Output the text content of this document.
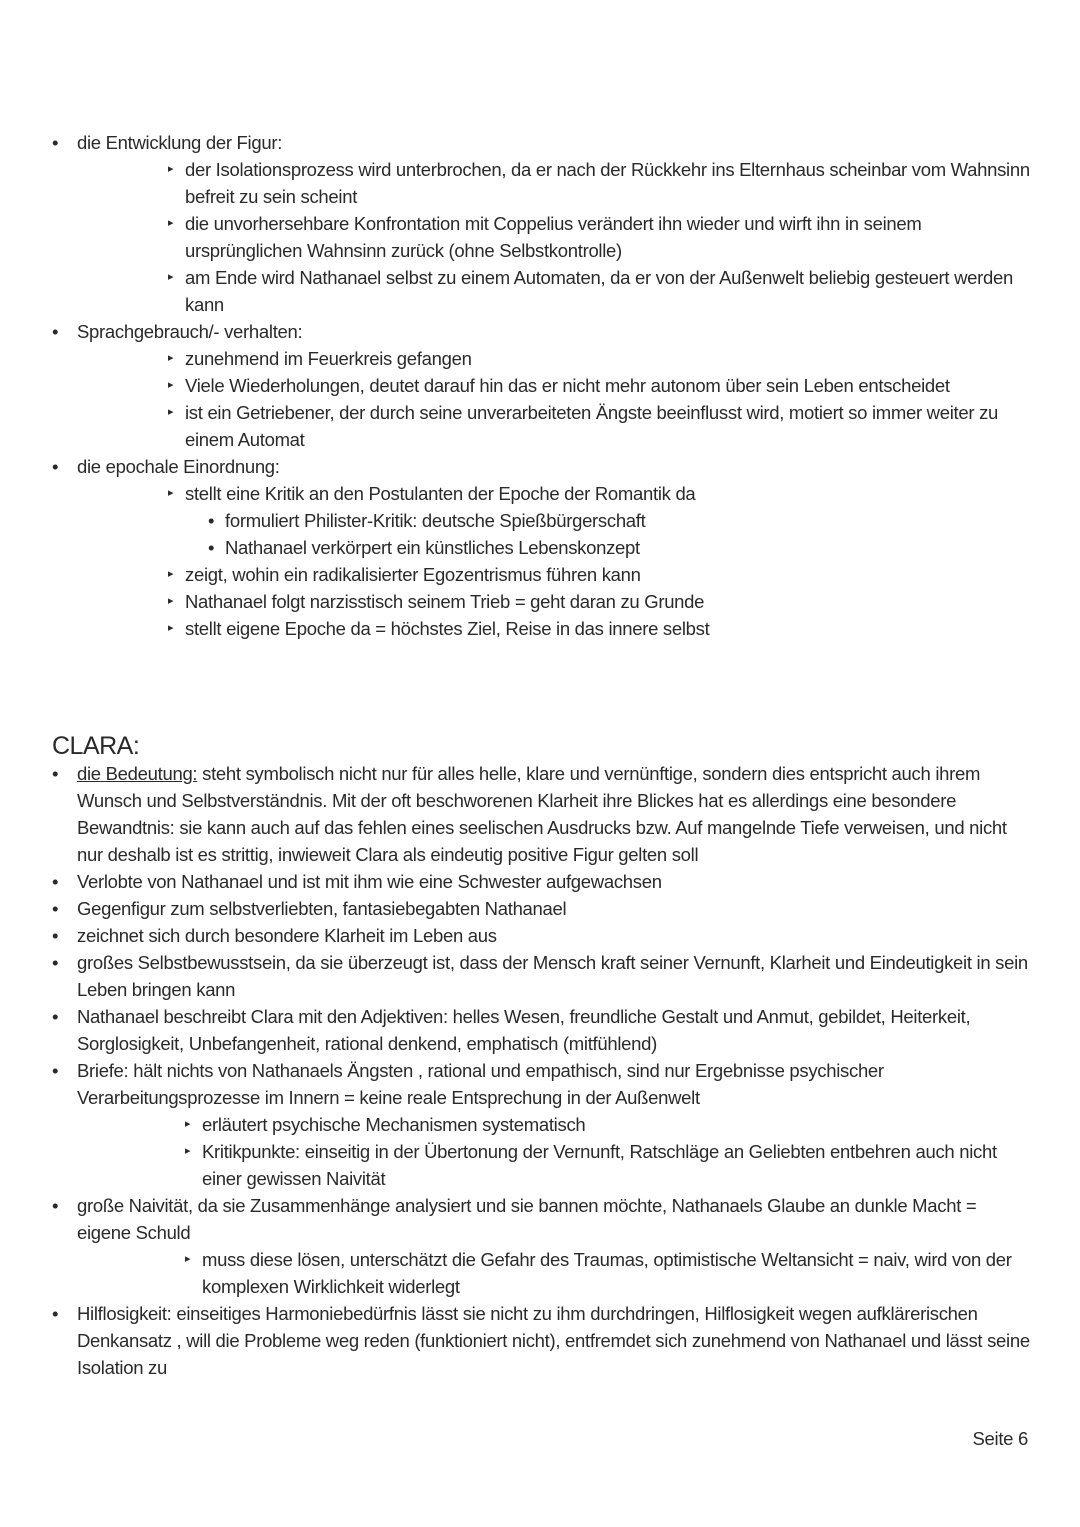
• die Entwicklung der Figur:
▸ der Isolationsprozess wird unterbrochen, da er nach der Rückkehr ins Elternhaus scheinbar vom Wahnsinn befreit zu sein scheint
▸ die unvorhersehbare Konfrontation mit Coppelius verändert ihn wieder und wirft ihn in seinem ursprünglichen Wahnsinn zurück (ohne Selbstkontrolle)
▸ am Ende wird Nathanael selbst zu einem Automaten, da er von der Außenwelt beliebig gesteuert werden kann
• Sprachgebrauch/- verhalten:
▸ zunehmend im Feuerkreis gefangen
▸ Viele Wiederholungen, deutet darauf hin das er nicht mehr autonom über sein Leben entscheidet
▸ ist ein Getriebener, der durch seine unverarbeiteten Ängste beeinflusst wird, motiert so immer weiter zu einem Automat
• die epochale Einordnung:
▸ stellt eine Kritik an den Postulanten der Epoche der Romantik da
• formuliert Philister-Kritik: deutsche Spießbürgerschaft
• Nathanael verkörpert ein künstliches Lebenskonzept
▸ zeigt, wohin ein radikalisierter Egozentrismus führen kann
▸ Nathanael folgt narzisstisch seinem Trieb = geht daran zu Grunde
▸ stellt eigene Epoche da = höchstes Ziel, Reise in das innere selbst
CLARA:
• die Bedeutung: steht symbolisch nicht nur für alles helle, klare und vernünftige, sondern dies entspricht auch ihrem Wunsch und Selbstverständnis. Mit der oft beschworenen Klarheit ihre Blickes hat es allerdings eine besondere Bewandtnis: sie kann auch auf das fehlen eines seelischen Ausdrucks bzw. Auf mangelnde Tiefe verweisen, und nicht nur deshalb ist es strittig, inwieweit Clara als eindeutig positive Figur gelten soll
• Verlobte von Nathanael und ist mit ihm wie eine Schwester aufgewachsen
• Gegenfigur zum selbstverliebten, fantasiebegabten Nathanael
• zeichnet sich durch besondere Klarheit im Leben aus
• großes Selbstbewusstsein, da sie überzeugt ist, dass der Mensch kraft seiner Vernunft, Klarheit und Eindeutigkeit in sein Leben bringen kann
• Nathanael beschreibt Clara mit den Adjektiven: helles Wesen, freundliche Gestalt und Anmut, gebildet, Heiterkeit, Sorglosigkeit, Unbefangenheit, rational denkend, emphatisch (mitfühlend)
• Briefe: hält nichts von Nathanaels Ängsten , rational und empathisch, sind nur Ergebnisse psychischer Verarbeitungsprozesse im Innern = keine reale Entsprechung in der Außenwelt
▸ erläutert psychische Mechanismen systematisch
▸ Kritikpunkte: einseitig in der Übertonung der Vernunft, Ratschläge an Geliebten entbehren auch nicht einer gewissen Naivität
• große Naivität, da sie Zusammenhänge analysiert und sie bannen möchte, Nathanaels Glaube an dunkle Macht = eigene Schuld
▸ muss diese lösen, unterschätzt die Gefahr des Traumas, optimistische Weltansicht = naiv, wird von der komplexen Wirklichkeit widerlegt
• Hilflosigkeit: einseitiges Harmoniebedürfnis lässt sie nicht zu ihm durchdringen, Hilflosigkeit wegen aufklärerischen Denkansatz , will die Probleme weg reden (funktioniert nicht), entfremdet sich zunehmend von Nathanael und lässt seine Isolation zu
Seite 6
